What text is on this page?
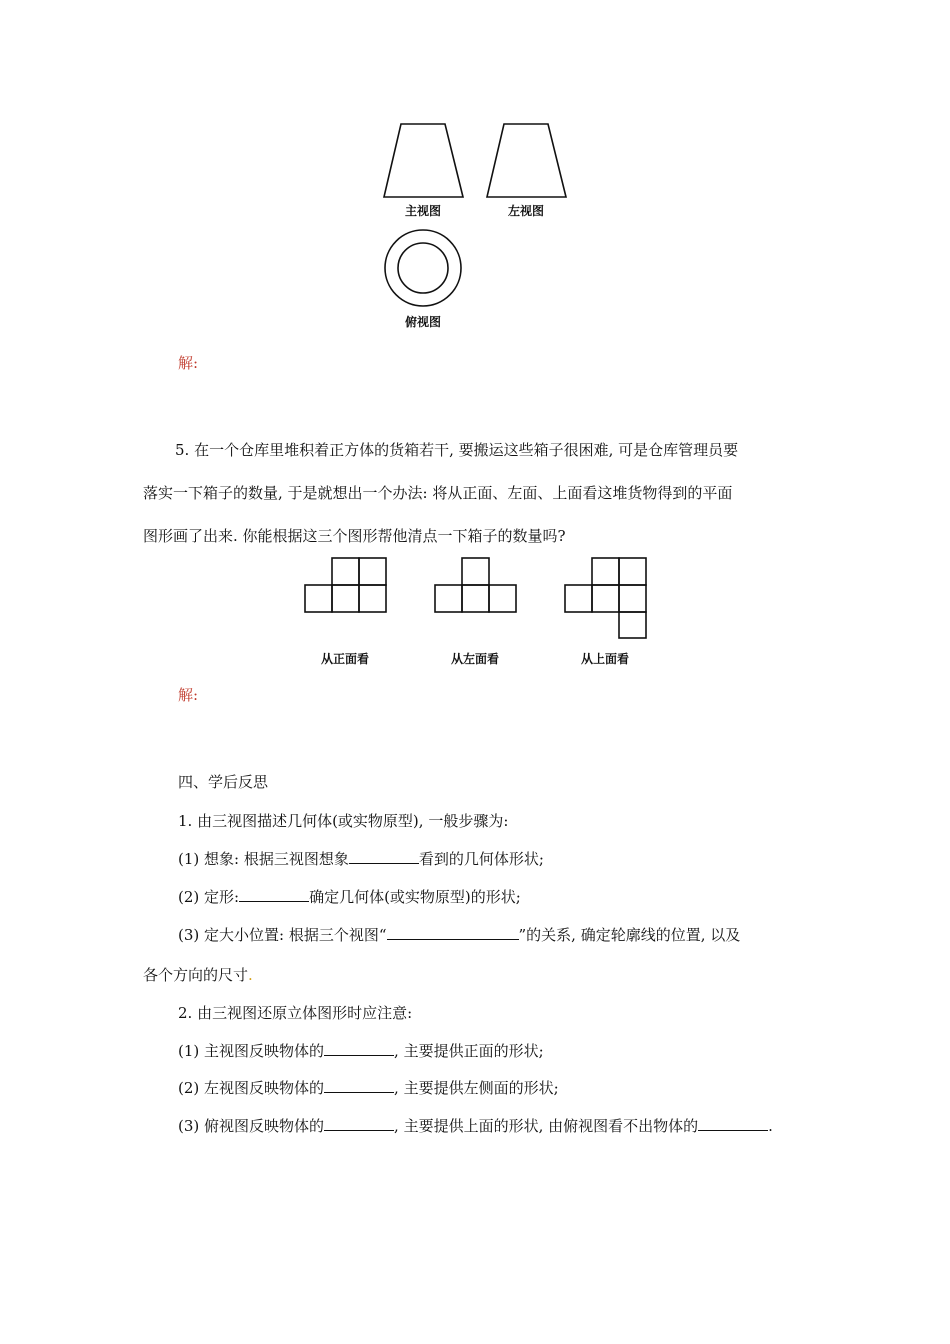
主视图	左视图
俯视图
解:
5. 在一个仓库里堆积着正方体的货箱若干, 要搬运这些箱子很困难, 可是仓库管理员要
落实一下箱子的数量, 于是就想出一个办法: 将从正面、左面、上面看这堆货物得到的平面
图形画了出来. 你能根据这三个图形帮他清点一下箱子的数量吗?
从正面看	从左面看	从上面看
解:
四、学后反思
1. 由三视图描述几何体(或实物原型), 一般步骤为:
(1) 想象: 根据三视图想象	看到的几何体形状;
(2) 定形:	确定几何体(或实物原型)的形状;
(3) 定大小位置: 根据三个视图“	”的关系, 确定轮廓线的位置, 以及
各个方向的尺寸.
2. 由三视图还原立体图形时应注意:
(1) 主视图反映物体的	, 主要提供正面的形状;
(2) 左视图反映物体的	, 主要提供左侧面的形状;
(3) 俯视图反映物体的	, 主要提供上面的形状, 由俯视图看不出物体的	.
